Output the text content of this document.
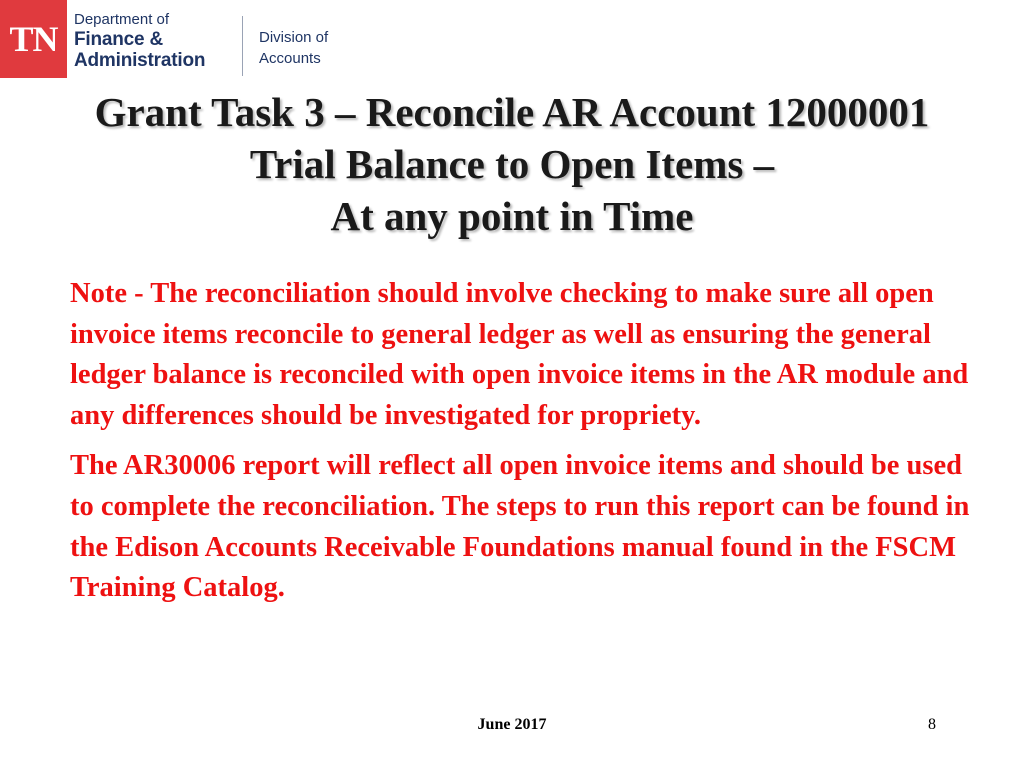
TN	Department of
Finance &
Administration
Division of
Accounts
Grant Task 3 – Reconcile AR Account 12000001
Trial Balance to Open Items –
At any point in Time

Note - The reconciliation should involve checking to make sure all open invoice items reconcile to general ledger as well as ensuring the general ledger balance is reconciled with open invoice items in the AR module and any differences should be investigated for propriety.

The AR30006 report will reflect all open invoice items and should be used to complete the reconciliation. The steps to run this report can be found in the Edison Accounts Receivable Foundations manual found in the FSCM Training Catalog.

June 2017	8
